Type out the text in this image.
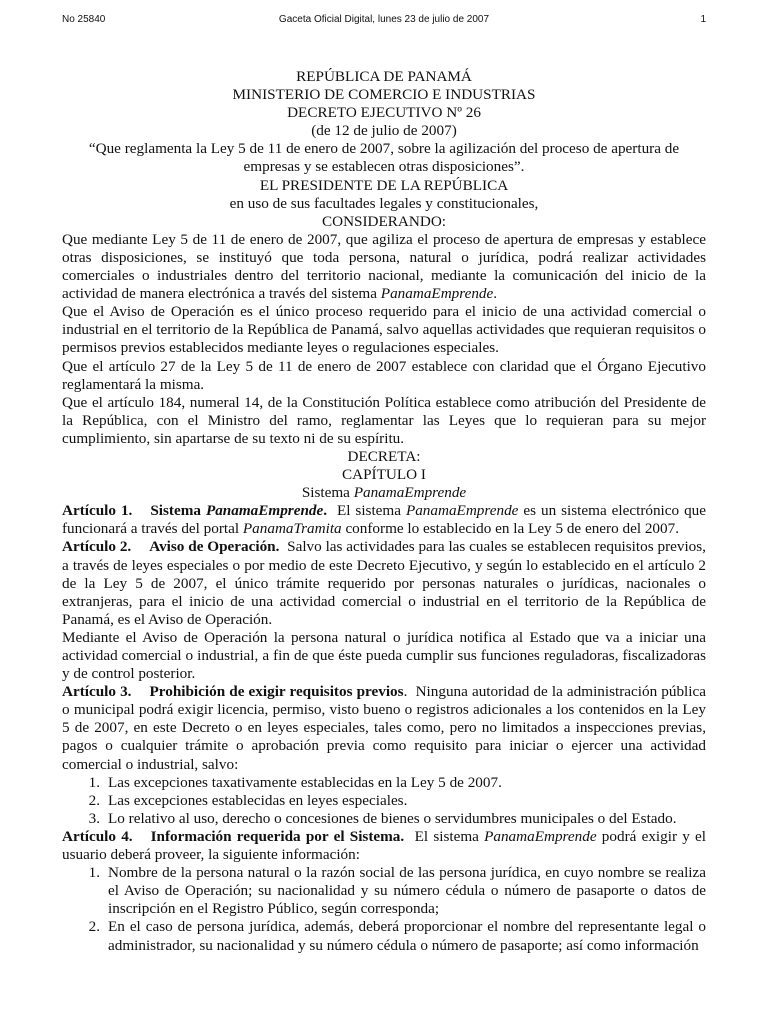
No 25840	Gaceta Oficial Digital, lunes 23 de julio de 2007	1
REPÚBLICA DE PANAMÁ
MINISTERIO DE COMERCIO E INDUSTRIAS
DECRETO EJECUTIVO Nº 26
(de 12 de julio de 2007)
“Que reglamenta la Ley 5 de 11 de enero de 2007, sobre la agilización del proceso de apertura de
empresas y se establecen otras disposiciones”.
EL PRESIDENTE DE LA REPÚBLICA
en uso de sus facultades legales y constitucionales,
CONSIDERANDO:

Que mediante Ley 5 de 11 de enero de 2007, que agiliza el proceso de apertura de empresas y establece otras disposiciones, se instituyó que toda persona, natural o jurídica, podrá realizar actividades comerciales o industriales dentro del territorio nacional, mediante la comunicación del inicio de la actividad de manera electrónica a través del sistema PanamaEmprende.

Que el Aviso de Operación es el único proceso requerido para el inicio de una actividad comercial o industrial en el territorio de la República de Panamá, salvo aquellas actividades que requieran requisitos o permisos previos establecidos mediante leyes o regulaciones especiales.

Que el artículo 27 de la Ley 5 de 11 de enero de 2007 establece con claridad que el Órgano Ejecutivo reglamentará la misma.

Que el artículo 184, numeral 14, de la Constitución Política establece como atribución del Presidente de la República, con el Ministro del ramo, reglamentar las Leyes que lo requieran para su mejor cumplimiento, sin apartarse de su texto ni de su espíritu.

DECRETA:
CAPÍTULO I
Sistema PanamaEmprende

Artículo 1. Sistema PanamaEmprende. El sistema PanamaEmprende es un sistema electrónico que funcionará a través del portal PanamaTramita conforme lo establecido en la Ley 5 de enero del 2007.

Artículo 2. Aviso de Operación. Salvo las actividades para las cuales se establecen requisitos previos, a través de leyes especiales o por medio de este Decreto Ejecutivo, y según lo establecido en el artículo 2 de la Ley 5 de 2007, el único trámite requerido por personas naturales o jurídicas, nacionales o extranjeras, para el inicio de una actividad comercial o industrial en el territorio de la República de Panamá, es el Aviso de Operación.

Mediante el Aviso de Operación la persona natural o jurídica notifica al Estado que va a iniciar una actividad comercial o industrial, a fin de que éste pueda cumplir sus funciones reguladoras, fiscalizadoras y de control posterior.

Artículo 3. Prohibición de exigir requisitos previos. Ninguna autoridad de la administración pública o municipal podrá exigir licencia, permiso, visto bueno o registros adicionales a los contenidos en la Ley 5 de 2007, en este Decreto o en leyes especiales, tales como, pero no limitados a inspecciones previas, pagos o cualquier trámite o aprobación previa como requisito para iniciar o ejercer una actividad comercial o industrial, salvo:

1. Las excepciones taxativamente establecidas en la Ley 5 de 2007.
2. Las excepciones establecidas en leyes especiales.
3. Lo relativo al uso, derecho o concesiones de bienes o servidumbres municipales o del Estado.

Artículo 4. Información requerida por el Sistema. El sistema PanamaEmprende podrá exigir y el usuario deberá proveer, la siguiente información:

1. Nombre de la persona natural o la razón social de las persona jurídica, en cuyo nombre se realiza el Aviso de Operación; su nacionalidad y su número cédula o número de pasaporte o datos de inscripción en el Registro Público, según corresponda;
2. En el caso de persona jurídica, además, deberá proporcionar el nombre del representante legal o administrador, su nacionalidad y su número cédula o número de pasaporte; así como información
